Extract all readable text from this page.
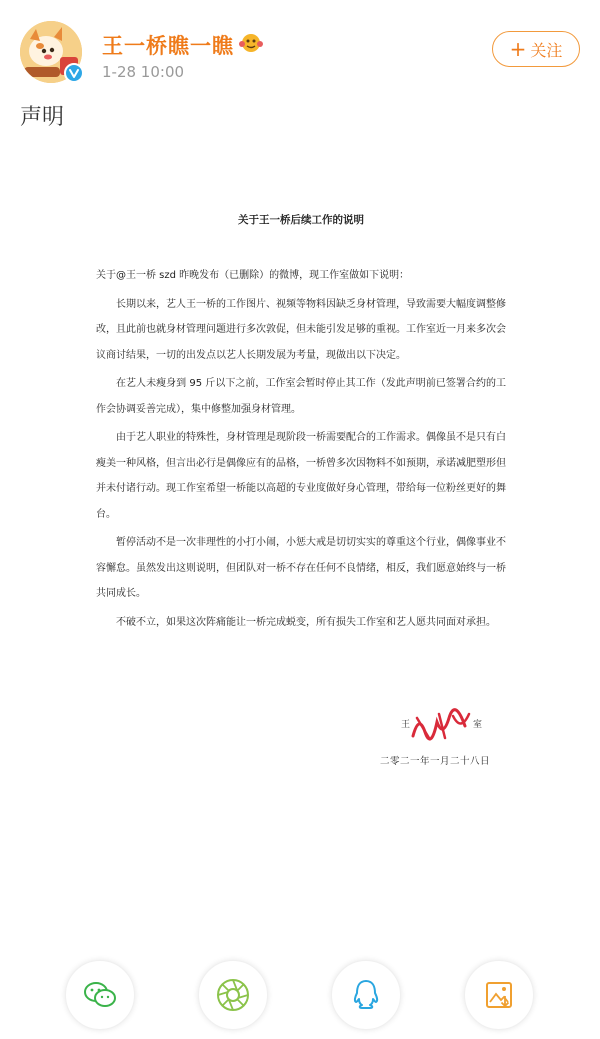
王一桥瞧一瞧
1-28 10:00
+ 关注
声明
关于王一桥后续工作的说明

关于@王一桥 szd 昨晚发布（已删除）的微博，现工作室做如下说明：

长期以来，艺人王一桥的工作图片、视频等物料因缺乏身材管理，导致需要大幅度调整修改，且此前也就身材管理问题进行多次敦促，但未能引发足够的重视。工作室近一月来多次会议商讨结果，一切的出发点以艺人长期发展为考量，现做出以下决定。

在艺人未瘦身到 95 斤以下之前，工作室会暂时停止其工作（发此声明前已签署合约的工作会协调妥善完成），集中修整加强身材管理。

由于艺人职业的特殊性，身材管理是现阶段一桥需要配合的工作需求。偶像虽不是只有白瘦美一种风格，但言出必行是偶像应有的品格，一桥曾多次因物料不如预期，承诺减肥塑形但并未付诸行动。现工作室希望一桥能以高超的专业度做好身心管理，带给每一位粉丝更好的舞台。

暂停活动不是一次非理性的小打小闹，小惩大戒是切切实实的尊重这个行业，偶像事业不容懈怠。虽然发出这则说明，但团队对一桥不存在任何不良情绪，相反，我们愿意始终与一桥共同成长。

不破不立，如果这次阵痛能让一桥完成蜕变，所有损失工作室和艺人愿共同面对承担。

王	室
二零二一年一月二十八日
